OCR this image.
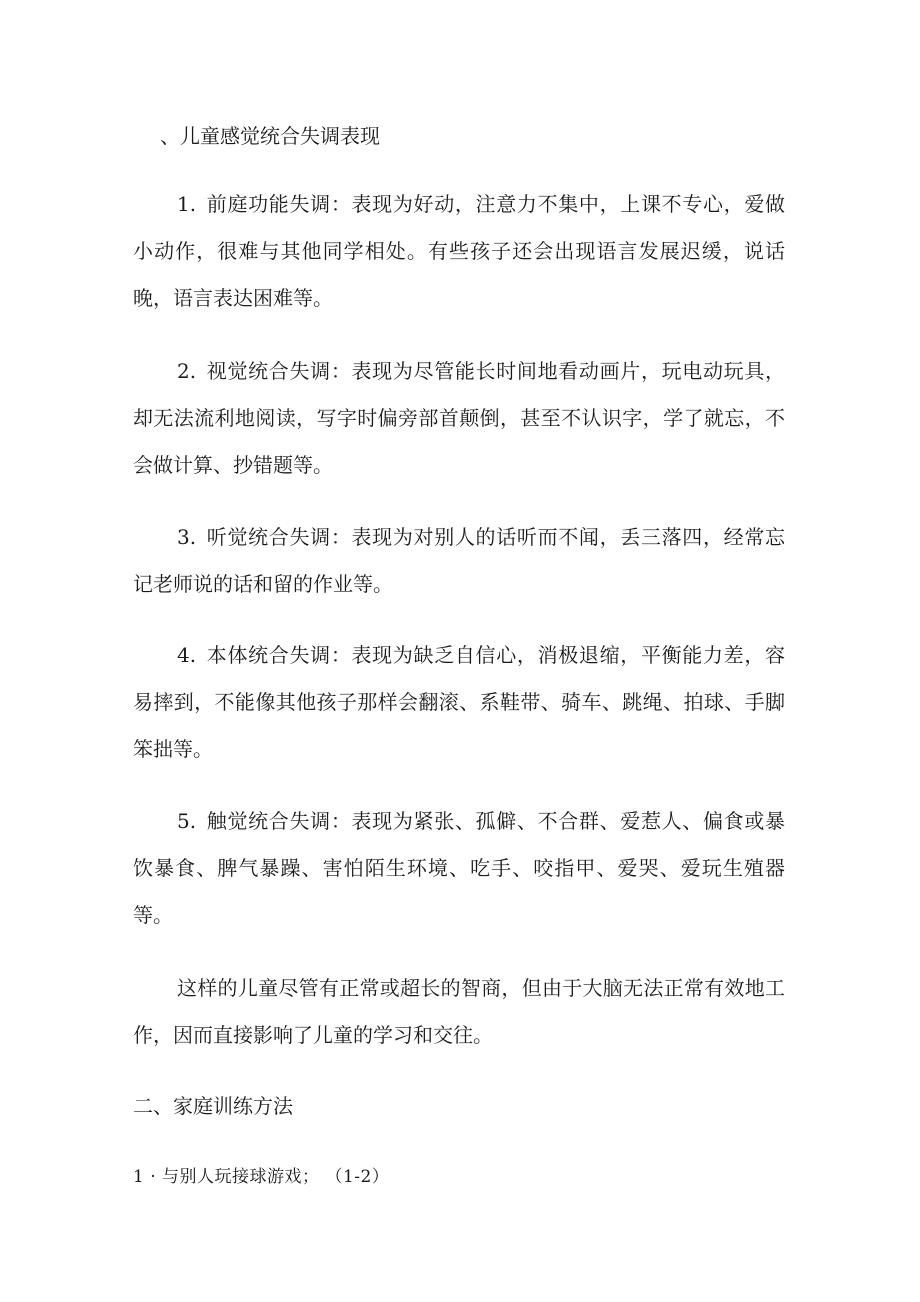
、儿童感觉统合失调表现
1. 前庭功能失调：表现为好动，注意力不集中，上课不专心，爱做小动作，很难与其他同学相处。有些孩子还会出现语言发展迟缓，说话晚，语言表达困难等。
2. 视觉统合失调：表现为尽管能长时间地看动画片，玩电动玩具，却无法流利地阅读，写字时偏旁部首颠倒，甚至不认识字，学了就忘，不会做计算、抄错题等。
3. 听觉统合失调：表现为对别人的话听而不闻，丢三落四，经常忘记老师说的话和留的作业等。
4. 本体统合失调：表现为缺乏自信心，消极退缩，平衡能力差，容易摔到，不能像其他孩子那样会翻滚、系鞋带、骑车、跳绳、拍球、手脚笨拙等。
5. 触觉统合失调：表现为紧张、孤僻、不合群、爱惹人、偏食或暴饮暴食、脾气暴躁、害怕陌生环境、吃手、咬指甲、爱哭、爱玩生殖器等。
这样的儿童尽管有正常或超长的智商，但由于大脑无法正常有效地工作，因而直接影响了儿童的学习和交往。
二、家庭训练方法
1 · 与别人玩接球游戏； （1-2）
